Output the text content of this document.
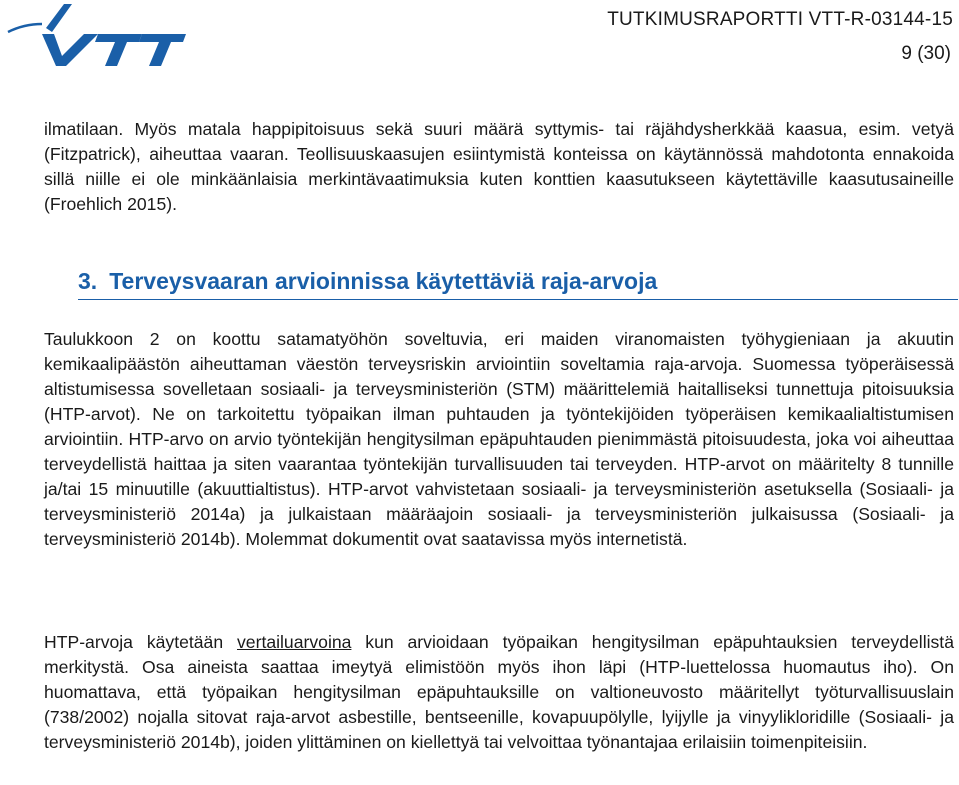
TUTKIMUSRAPORTTI VTT-R-03144-15
9 (30)
ilmatilaan. Myös matala happipitoisuus sekä suuri määrä syttymis- tai räjähdysherkkää kaasua, esim. vetyä (Fitzpatrick), aiheuttaa vaaran. Teollisuuskaasujen esiintymistä konteissa on käytännössä mahdotonta ennakoida sillä niille ei ole minkäänlaisia merkintävaatimuksia kuten konttien kaasutukseen käytettäville kaasutusaineille (Froehlich 2015).
3. Terveysvaaran arvioinnissa käytettäviä raja-arvoja
Taulukkoon 2 on koottu satamatyöhön soveltuvia, eri maiden viranomaisten työhygieniaan ja akuutin kemikaalipäästön aiheuttaman väestön terveysriskin arviointiin soveltamia raja-arvoja. Suomessa työperäisessä altistumisessa sovelletaan sosiaali- ja terveysministeriön (STM) määrittelemiä haitalliseksi tunnettuja pitoisuuksia (HTP-arvot). Ne on tarkoitettu työpaikan ilman puhtauden ja työntekijöiden työperäisen kemikaalialtistumisen arviointiin. HTP-arvo on arvio työntekijän hengitysilman epäpuhtauden pienimmästä pitoisuudesta, joka voi aiheuttaa terveydellistä haittaa ja siten vaarantaa työntekijän turvallisuuden tai terveyden. HTP-arvot on määritelty 8 tunnille ja/tai 15 minuutille (akuuttialtistus). HTP-arvot vahvistetaan sosiaali- ja terveysministeriön asetuksella (Sosiaali- ja terveysministeriö 2014a) ja julkaistaan määräajoin sosiaali- ja terveysministeriön julkaisussa (Sosiaali- ja terveysministeriö 2014b). Molemmat dokumentit ovat saatavissa myös internetistä.
HTP-arvoja käytetään vertailuarvoina kun arvioidaan työpaikan hengitysilman epäpuhtauksien terveydellistä merkitystä. Osa aineista saattaa imeytyä elimistöön myös ihon läpi (HTP-luettelossa huomautus iho). On huomattava, että työpaikan hengitysilman epäpuhtauksille on valtioneuvosto määritellyt työturvallisuuslain (738/2002) nojalla sitovat raja-arvot asbestille, bentseenille, kovapuupölylle, lyijylle ja vinyylikloridille (Sosiaali- ja terveysministeriö 2014b), joiden ylittäminen on kiellettyä tai velvoittaa työnantajaa erilaisiin toimenpiteisiin.
